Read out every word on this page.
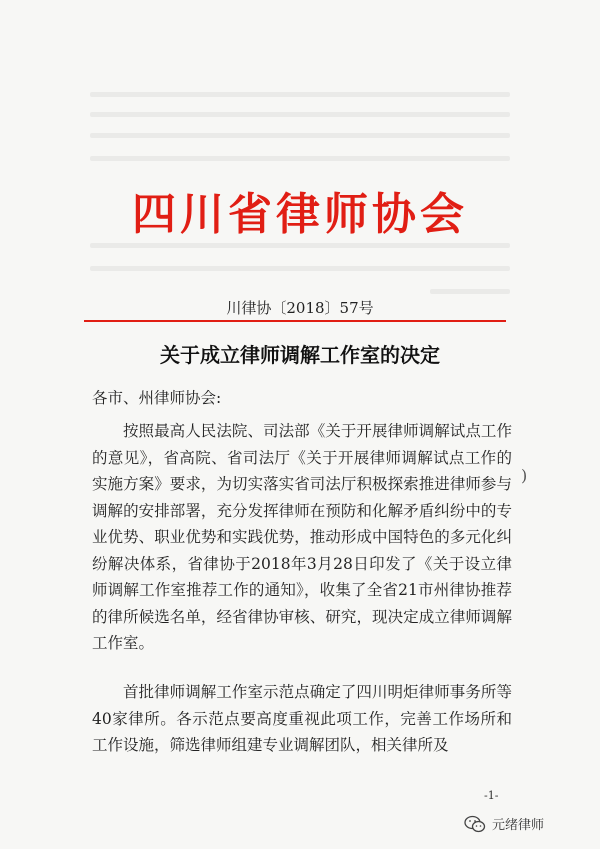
四川省律师协会
川律协〔2018〕57号
关于成立律师调解工作室的决定
各市、州律师协会:
按照最高人民法院、司法部《关于开展律师调解试点工作的意见》，省高院、省司法厅《关于开展律师调解试点工作的实施方案》要求，为切实落实省司法厅积极探索推进律师参与调解的安排部署，充分发挥律师在预防和化解矛盾纠纷中的专业优势、职业优势和实践优势，推动形成中国特色的多元化纠纷解决体系，省律协于2018年3月28日印发了《关于设立律师调解工作室推荐工作的通知》，收集了全省21市州律协推荐的律所候选名单，经省律协审核、研究，现决定成立律师调解工作室。
首批律师调解工作室示范点确定了四川明炬律师事务所等40家律所。各示范点要高度重视此项工作，完善工作场所和工作设施，筛选律师组建专业调解团队，相关律所及
)
-1-
元绪律师
